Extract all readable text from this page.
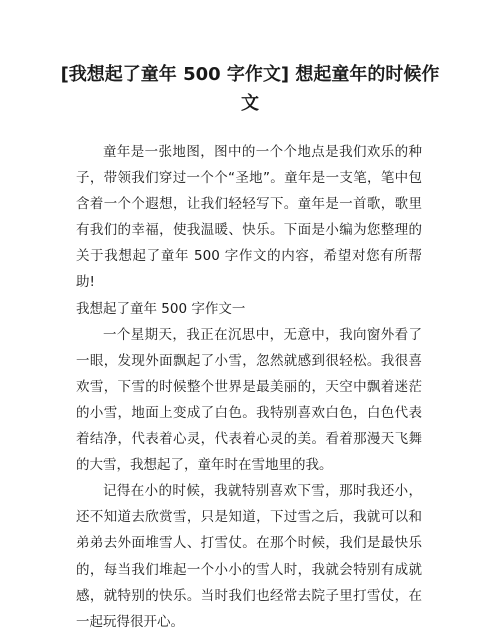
[我想起了童年 500 字作文] 想起童年的时候作文

童年是一张地图，图中的一个个地点是我们欢乐的种子，带领我们穿过一个个“圣地”。童年是一支笔，笔中包含着一个个遐想，让我们轻轻写下。童年是一首歌，歌里有我们的幸福，使我温暖、快乐。下面是小编为您整理的关于我想起了童年 500 字作文的内容，希望对您有所帮助!

我想起了童年 500 字作文一

一个星期天，我正在沉思中，无意中，我向窗外看了一眼，发现外面飘起了小雪，忽然就感到很轻松。我很喜欢雪，下雪的时候整个世界是最美丽的，天空中飘着迷茫的小雪，地面上变成了白色。我特别喜欢白色，白色代表着结净，代表着心灵，代表着心灵的美。看着那漫天飞舞的大雪，我想起了，童年时在雪地里的我。

记得在小的时候，我就特别喜欢下雪，那时我还小，还不知道去欣赏雪，只是知道，下过雪之后，我就可以和弟弟去外面堆雪人、打雪仗。在那个时候，我们是最快乐的，每当我们堆起一个小小的雪人时，我就会特别有成就感，就特别的快乐。当时我们也经常去院子里打雪仗，在一起玩得很开心。
